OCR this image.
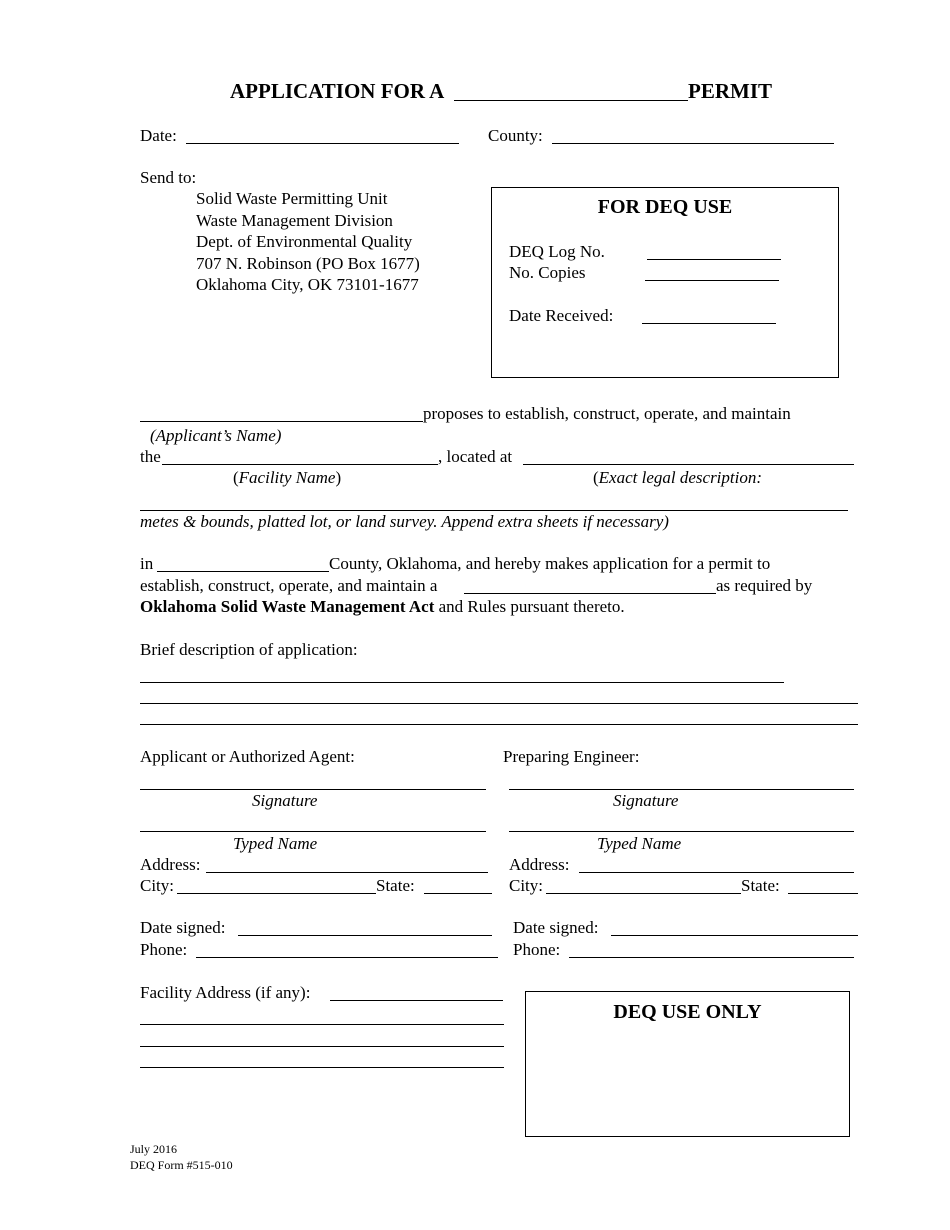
APPLICATION FOR A	PERMIT
Date:	County:
Send to:
Solid Waste Permitting Unit
Waste Management Division
Dept. of Environmental Quality
707 N. Robinson (PO Box 1677)
Oklahoma City, OK 73101-1677
FOR DEQ USE
DEQ Log No.
No. Copies
Date Received:
proposes to establish, construct, operate, and maintain
(Applicant’s Name)
the	, located at
(Facility Name)	(Exact legal description:
metes & bounds, platted lot, or land survey. Append extra sheets if necessary)
in	County, Oklahoma, and hereby makes application for a permit to
establish, construct, operate, and maintain a	as required by
Oklahoma Solid Waste Management Act and Rules pursuant thereto.
Brief description of application:
Applicant or Authorized Agent:
Signature
Typed Name
Address:
City:	State:
Date signed:
Phone:
Preparing Engineer:
Signature
Typed Name
Address:
City:	State:
Date signed:
Phone:
Facility Address (if any):
DEQ USE ONLY
July 2016
DEQ Form #515-010
